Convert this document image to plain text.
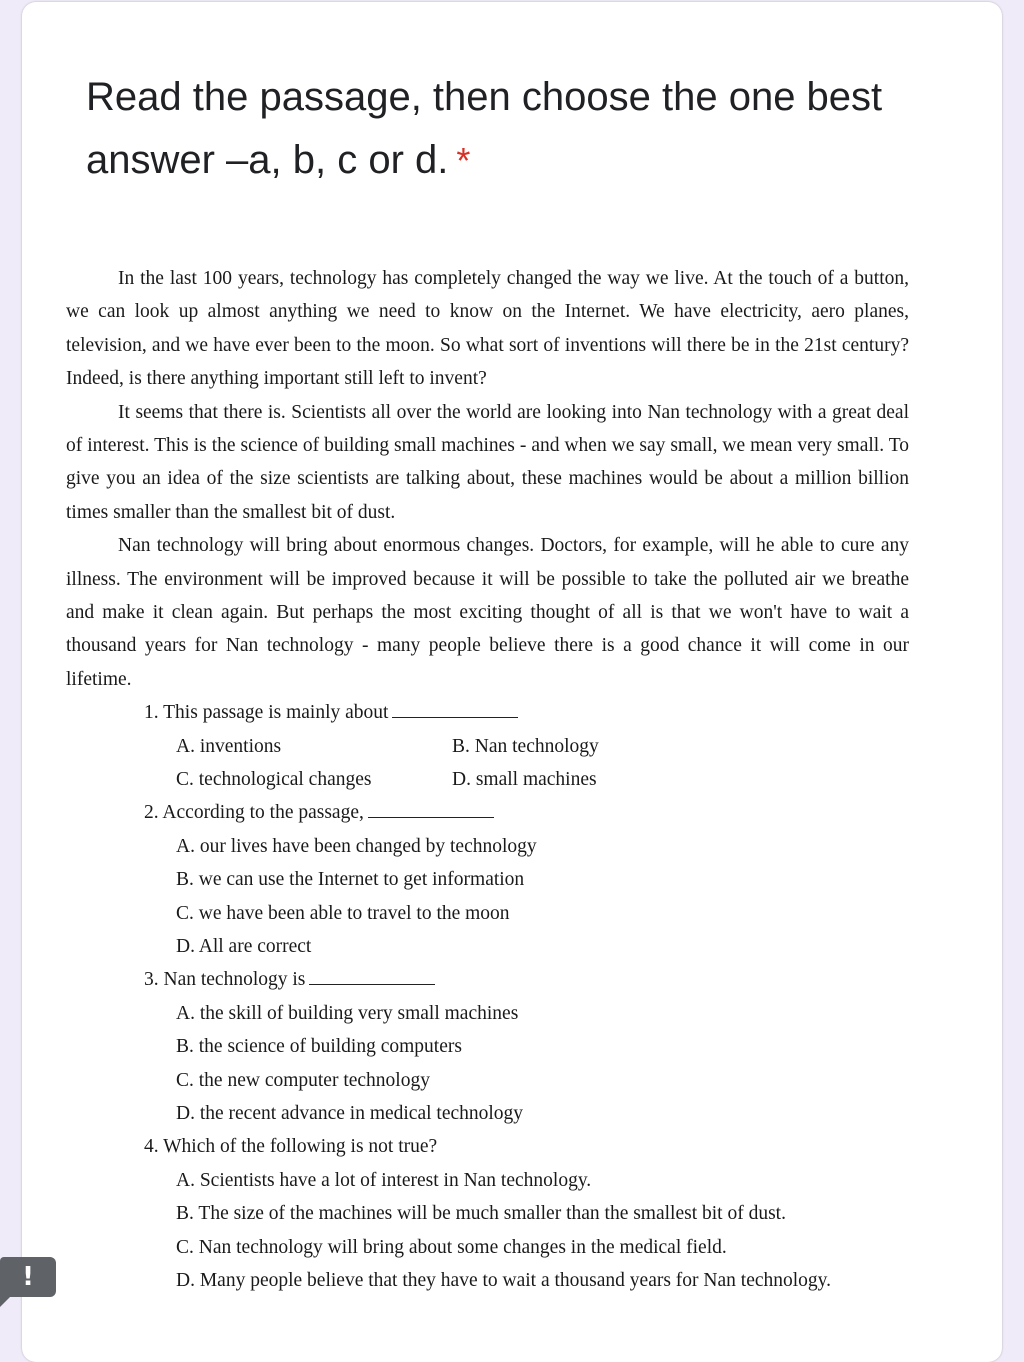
Read the passage, then choose the one best answer –a, b, c or d. *

In the last 100 years, technology has completely changed the way we live. At the touch of a button, we can look up almost anything we need to know on the Internet. We have electricity, aero planes, television, and we have ever been to the moon. So what sort of inventions will there be in the 21st century? Indeed, is there anything important still left to invent?

It seems that there is. Scientists all over the world are looking into Nan technology with a great deal of interest. This is the science of building small machines - and when we say small, we mean very small. To give you an idea of the size scientists are talking about, these machines would be about a million billion times smaller than the smallest bit of dust.

Nan technology will bring about enormous changes. Doctors, for example, will he able to cure any illness. The environment will be improved because it will be possible to take the polluted air we breathe and make it clean again. But perhaps the most exciting thought of all is that we won't have to wait a thousand years for Nan technology - many people believe there is a good chance it will come in our lifetime.

1. This passage is mainly about
A. inventions	B. Nan technology
C. technological changes	D. small machines
2. According to the passage,
A. our lives have been changed by technology
B. we can use the Internet to get information
C. we have been able to travel to the moon
D. All are correct
3. Nan technology is
A. the skill of building very small machines
B. the science of building computers
C. the new computer technology
D. the recent advance in medical technology
4. Which of the following is not true?
A. Scientists have a lot of interest in Nan technology.
B. The size of the machines will be much smaller than the smallest bit of dust.
C. Nan technology will bring about some changes in the medical field.
D. Many people believe that they have to wait a thousand years for Nan technology.
!
